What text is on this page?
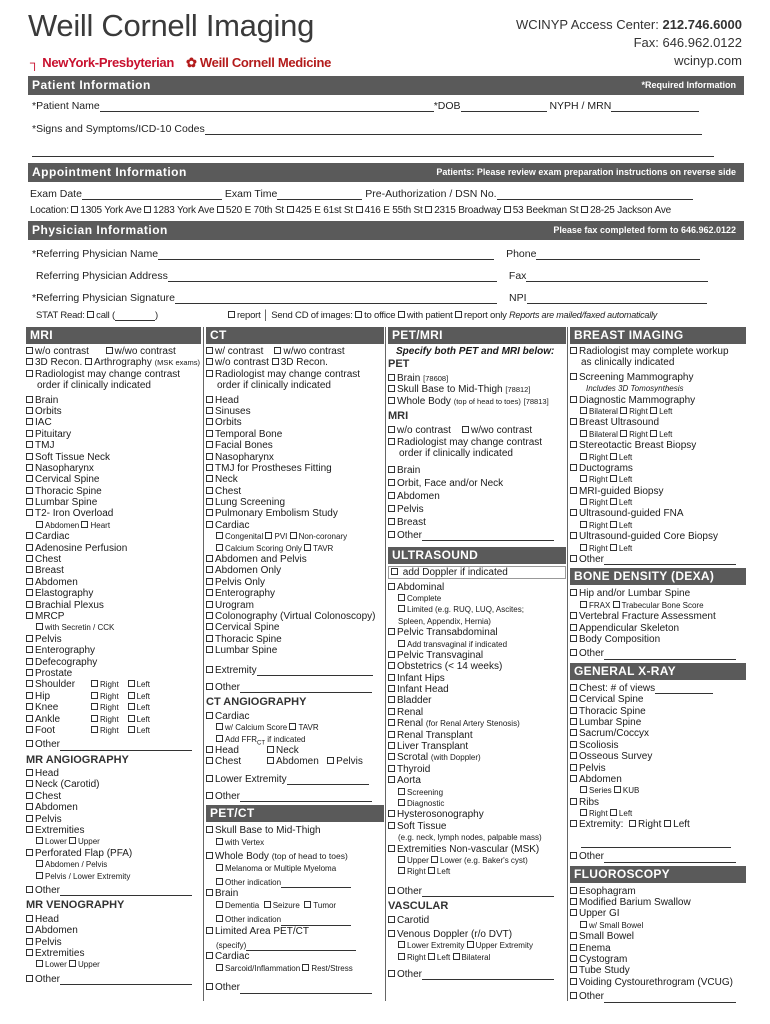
Weill Cornell Imaging
┐ NewYork-Presbyterian ✿ Weill Cornell Medicine
WCINYP Access Center: 212.746.6000
Fax: 646.962.0122
wcinyp.com
Patient Information	*Required Information
*Patient Name	*DOB	NYPH / MRN
*Signs and Symptoms/ICD-10 Codes
Appointment Information	Patients: Please review exam preparation instructions on reverse side
Exam Date	Exam Time	Pre-Authorization / DSN No.
Location: 1305 York Ave 1283 York Ave 520 E 70th St 425 E 61st St 416 E 55th St 2315 Broadway 53 Beekman St 28-25 Jackson Ave
Physician Information	Please fax completed form to 646.962.0122
*Referring Physician Name	Phone
Referring Physician Address	Fax
*Referring Physician Signature	NPI
STAT Read: call (	)	report │ Send CD of images: to office with patient report only Reports are mailed/faxed automatically
MRI
w/o contrast	w/wo contrast
3D Recon. Arthrography (MSK exams)
Radiologist may change contrast
order if clinically indicated
Brain
Orbits
IAC
Pituitary
TMJ
Soft Tissue Neck
Nasopharynx
Cervical Spine
Thoracic Spine
Lumbar Spine
T2- Iron Overload
Abdomen Heart
Cardiac
Adenosine Perfusion
Chest
Breast
Abdomen
Elastography
Brachial Plexus
MRCP
with Secretin / CCK
Pelvis
Enterography
Defecography
Prostate
Shoulder	Right Left
Hip	Right Left
Knee	Right Left
Ankle	Right Left
Foot	Right Left
Other
MR ANGIOGRAPHY
Head
Neck (Carotid)
Chest
Abdomen
Pelvis
Extremities
Lower Upper
Perforated Flap (PFA)
Abdomen / Pelvis
Pelvis / Lower Extremity
Other
MR VENOGRAPHY
Head
Abdomen
Pelvis
Extremities
Lower Upper
Other
CT
w/ contrast w/wo contrast
w/o contrast 3D Recon.
Radiologist may change contrast
order if clinically indicated
Head
Sinuses
Orbits
Temporal Bone
Facial Bones
Nasopharynx
TMJ for Prostheses Fitting
Neck
Chest
Lung Screening
Pulmonary Embolism Study
Cardiac
Congenital PVI Non-coronary
Calcium Scoring Only TAVR
Abdomen and Pelvis
Abdomen Only
Pelvis Only
Enterography
Urogram
Colonography (Virtual Colonoscopy)
Cervical Spine
Thoracic Spine
Lumbar Spine
Extremity
Other
CT ANGIOGRAPHY
Cardiac
w/ Calcium Score TAVR
Add $FFR_{CT}$ if indicated
Head	Neck
Chest	Abdomen Pelvis
Lower Extremity
Other
PET/CT
Skull Base to Mid-Thigh
with Vertex
Whole Body (top of head to toes)
Melanoma or Multiple Myeloma
Other indication
Brain
Dementia Seizure Tumor
Other indication
Limited Area PET/CT
(specify)
Cardiac
Sarcoid/Inflammation Rest/Stress
Other
PET/MRI
Specify both PET and MRI below:
PET
Brain [78608]
Skull Base to Mid-Thigh [78812]
Whole Body (top of head to toes) [78813]
MRI
w/o contrast w/wo contrast
Radiologist may change contrast
order if clinically indicated
Brain
Orbit, Face and/or Neck
Abdomen
Pelvis
Breast
Other
ULTRASOUND
add Doppler if indicated
Abdominal
Complete
Limited (e.g. RUQ, LUQ, Ascites;
Spleen, Appendix, Hernia)
Pelvic Transabdominal
Add transvaginal if indicated
Pelvic Transvaginal
Obstetrics (< 14 weeks)
Infant Hips
Infant Head
Bladder
Renal
Renal (for Renal Artery Stenosis)
Renal Transplant
Liver Transplant
Scrotal (with Doppler)
Thyroid
Aorta
Screening
Diagnostic
Hysterosonography
Soft Tissue
(e.g. neck, lymph nodes, palpable mass)
Extremities Non-vascular (MSK)
Upper Lower (e.g. Baker's cyst)
Right Left
Other
VASCULAR
Carotid
Venous Doppler (r/o DVT)
Lower Extremity Upper Extremity
Right Left Bilateral
Other
BREAST IMAGING
Radiologist may complete workup
as clinically indicated
Screening Mammography
Includes 3D Tomosynthesis
Diagnostic Mammography
Bilateral Right Left
Breast Ultrasound
Bilateral Right Left
Stereotactic Breast Biopsy
Right Left
Ductograms
Right Left
MRI-guided Biopsy
Right Left
Ultrasound-guided FNA
Right Left
Ultrasound-guided Core Biopsy
Right Left
Other
BONE DENSITY (DEXA)
Hip and/or Lumbar Spine
FRAX Trabecular Bone Score
Vertebral Fracture Assessment
Appendicular Skeleton
Body Composition
Other
GENERAL X-RAY
Chest: # of views
Cervical Spine
Thoracic Spine
Lumbar Spine
Sacrum/Coccyx
Scoliosis
Osseous Survey
Pelvis
Abdomen
Series KUB
Ribs
Right Left
Extremity: Right Left
Other
FLUOROSCOPY
Esophagram
Modified Barium Swallow
Upper GI
w/ Small Bowel
Small Bowel
Enema
Cystogram
Tube Study
Voiding Cystourethrogram (VCUG)
Other
